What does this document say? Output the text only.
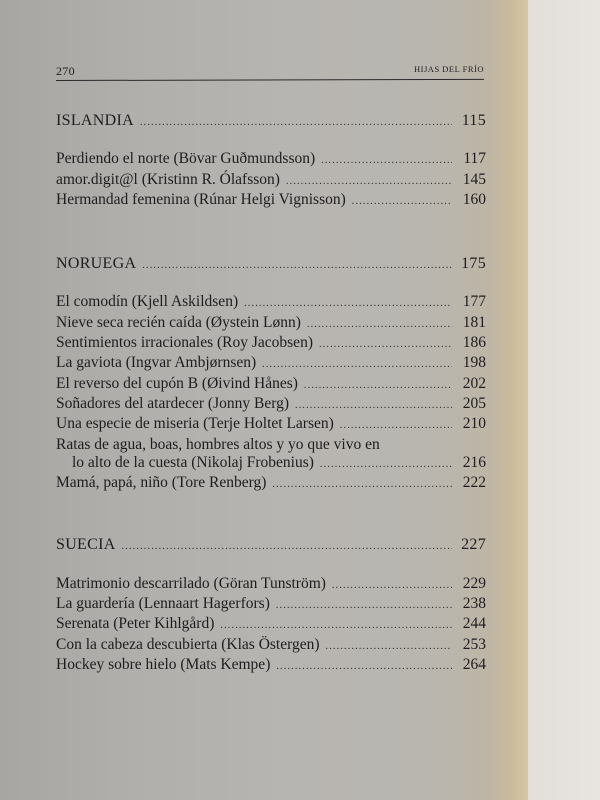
270	HIJAS DEL FRÍO
ISLANDIA .....	115
Perdiendo el norte (Bövar Guðmundsson) .....	117
amor.digit@l (Kristinn R. Ólafsson) .....	145
Hermandad femenina (Rúnar Helgi Vignisson) .....	160
NORUEGA .....	175
El comodín (Kjell Askildsen) .....	177
Nieve seca recién caída (Øystein Lønn) .....	181
Sentimientos irracionales (Roy Jacobsen) .....	186
La gaviota (Ingvar Ambjørnsen) .....	198
El reverso del cupón B (Øivind Hånes) .....	202
Soñadores del atardecer (Jonny Berg) .....	205
Una especie de miseria (Terje Holtet Larsen) .....	210
Ratas de agua, boas, hombres altos y yo que vivo en
lo alto de la cuesta (Nikolaj Frobenius) .....	216
Mamá, papá, niño (Tore Renberg) .....	222
SUECIA .....	227
Matrimonio descarrilado (Göran Tunström) .....	229
La guardería (Lennaart Hagerfors) .....	238
Serenata (Peter Kihlgård) .....	244
Con la cabeza descubierta (Klas Östergen) .....	253
Hockey sobre hielo (Mats Kempe) .....	264
